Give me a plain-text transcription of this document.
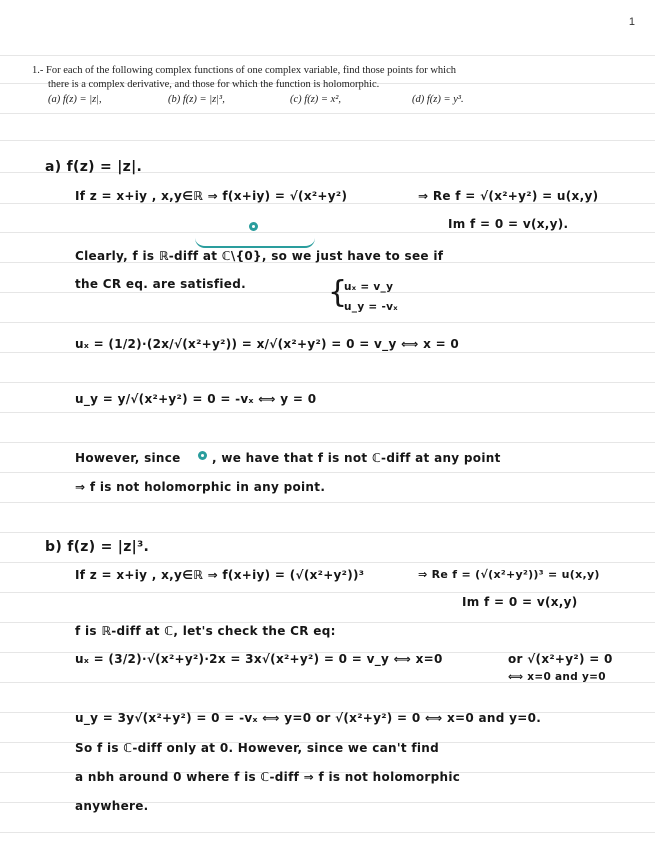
1
1.- For each of the following complex functions of one complex variable, find those points for which
there is a complex derivative, and those for which the function is holomorphic.
(a) f(z) = |z|,	(b) f(z) = |z|³,	(c) f(z) = x²,	(d) f(z) = y³.
a) f(z) = |z|.
If z = x+iy , x,y∈ℝ ⇒ f(x+iy) = √(x²+y²)	⇒ Re f = √(x²+y²) = u(x,y)
Im f = 0 = v(x,y).
Clearly, f is ℝ-diff at ℂ\{0}, so we just have to see if
the CR eq. are satisfied.	{
uₓ = v_y
u_y = -vₓ
uₓ = (1/2)·(2x/√(x²+y²)) = x/√(x²+y²) = 0 = v_y ⟺ x = 0
u_y = y/√(x²+y²) = 0 = -vₓ ⟺ y = 0
However, since	, we have that f is not ℂ-diff at any point
⇒ f is not holomorphic in any point.
b) f(z) = |z|³.
If z = x+iy , x,y∈ℝ ⇒ f(x+iy) = (√(x²+y²))³	⇒ Re f = (√(x²+y²))³ = u(x,y)
Im f = 0 = v(x,y)
f is ℝ-diff at ℂ, let's check the CR eq:
uₓ = (3/2)·√(x²+y²)·2x = 3x√(x²+y²) = 0 = v_y ⟺ x=0	or √(x²+y²) = 0
⟺ x=0 and y=0
u_y = 3y√(x²+y²) = 0 = -vₓ ⟺ y=0 or √(x²+y²) = 0 ⟺ x=0 and y=0.
So f is ℂ-diff only at 0. However, since we can't find
a nbh around 0 where f is ℂ-diff ⇒ f is not holomorphic
anywhere.
